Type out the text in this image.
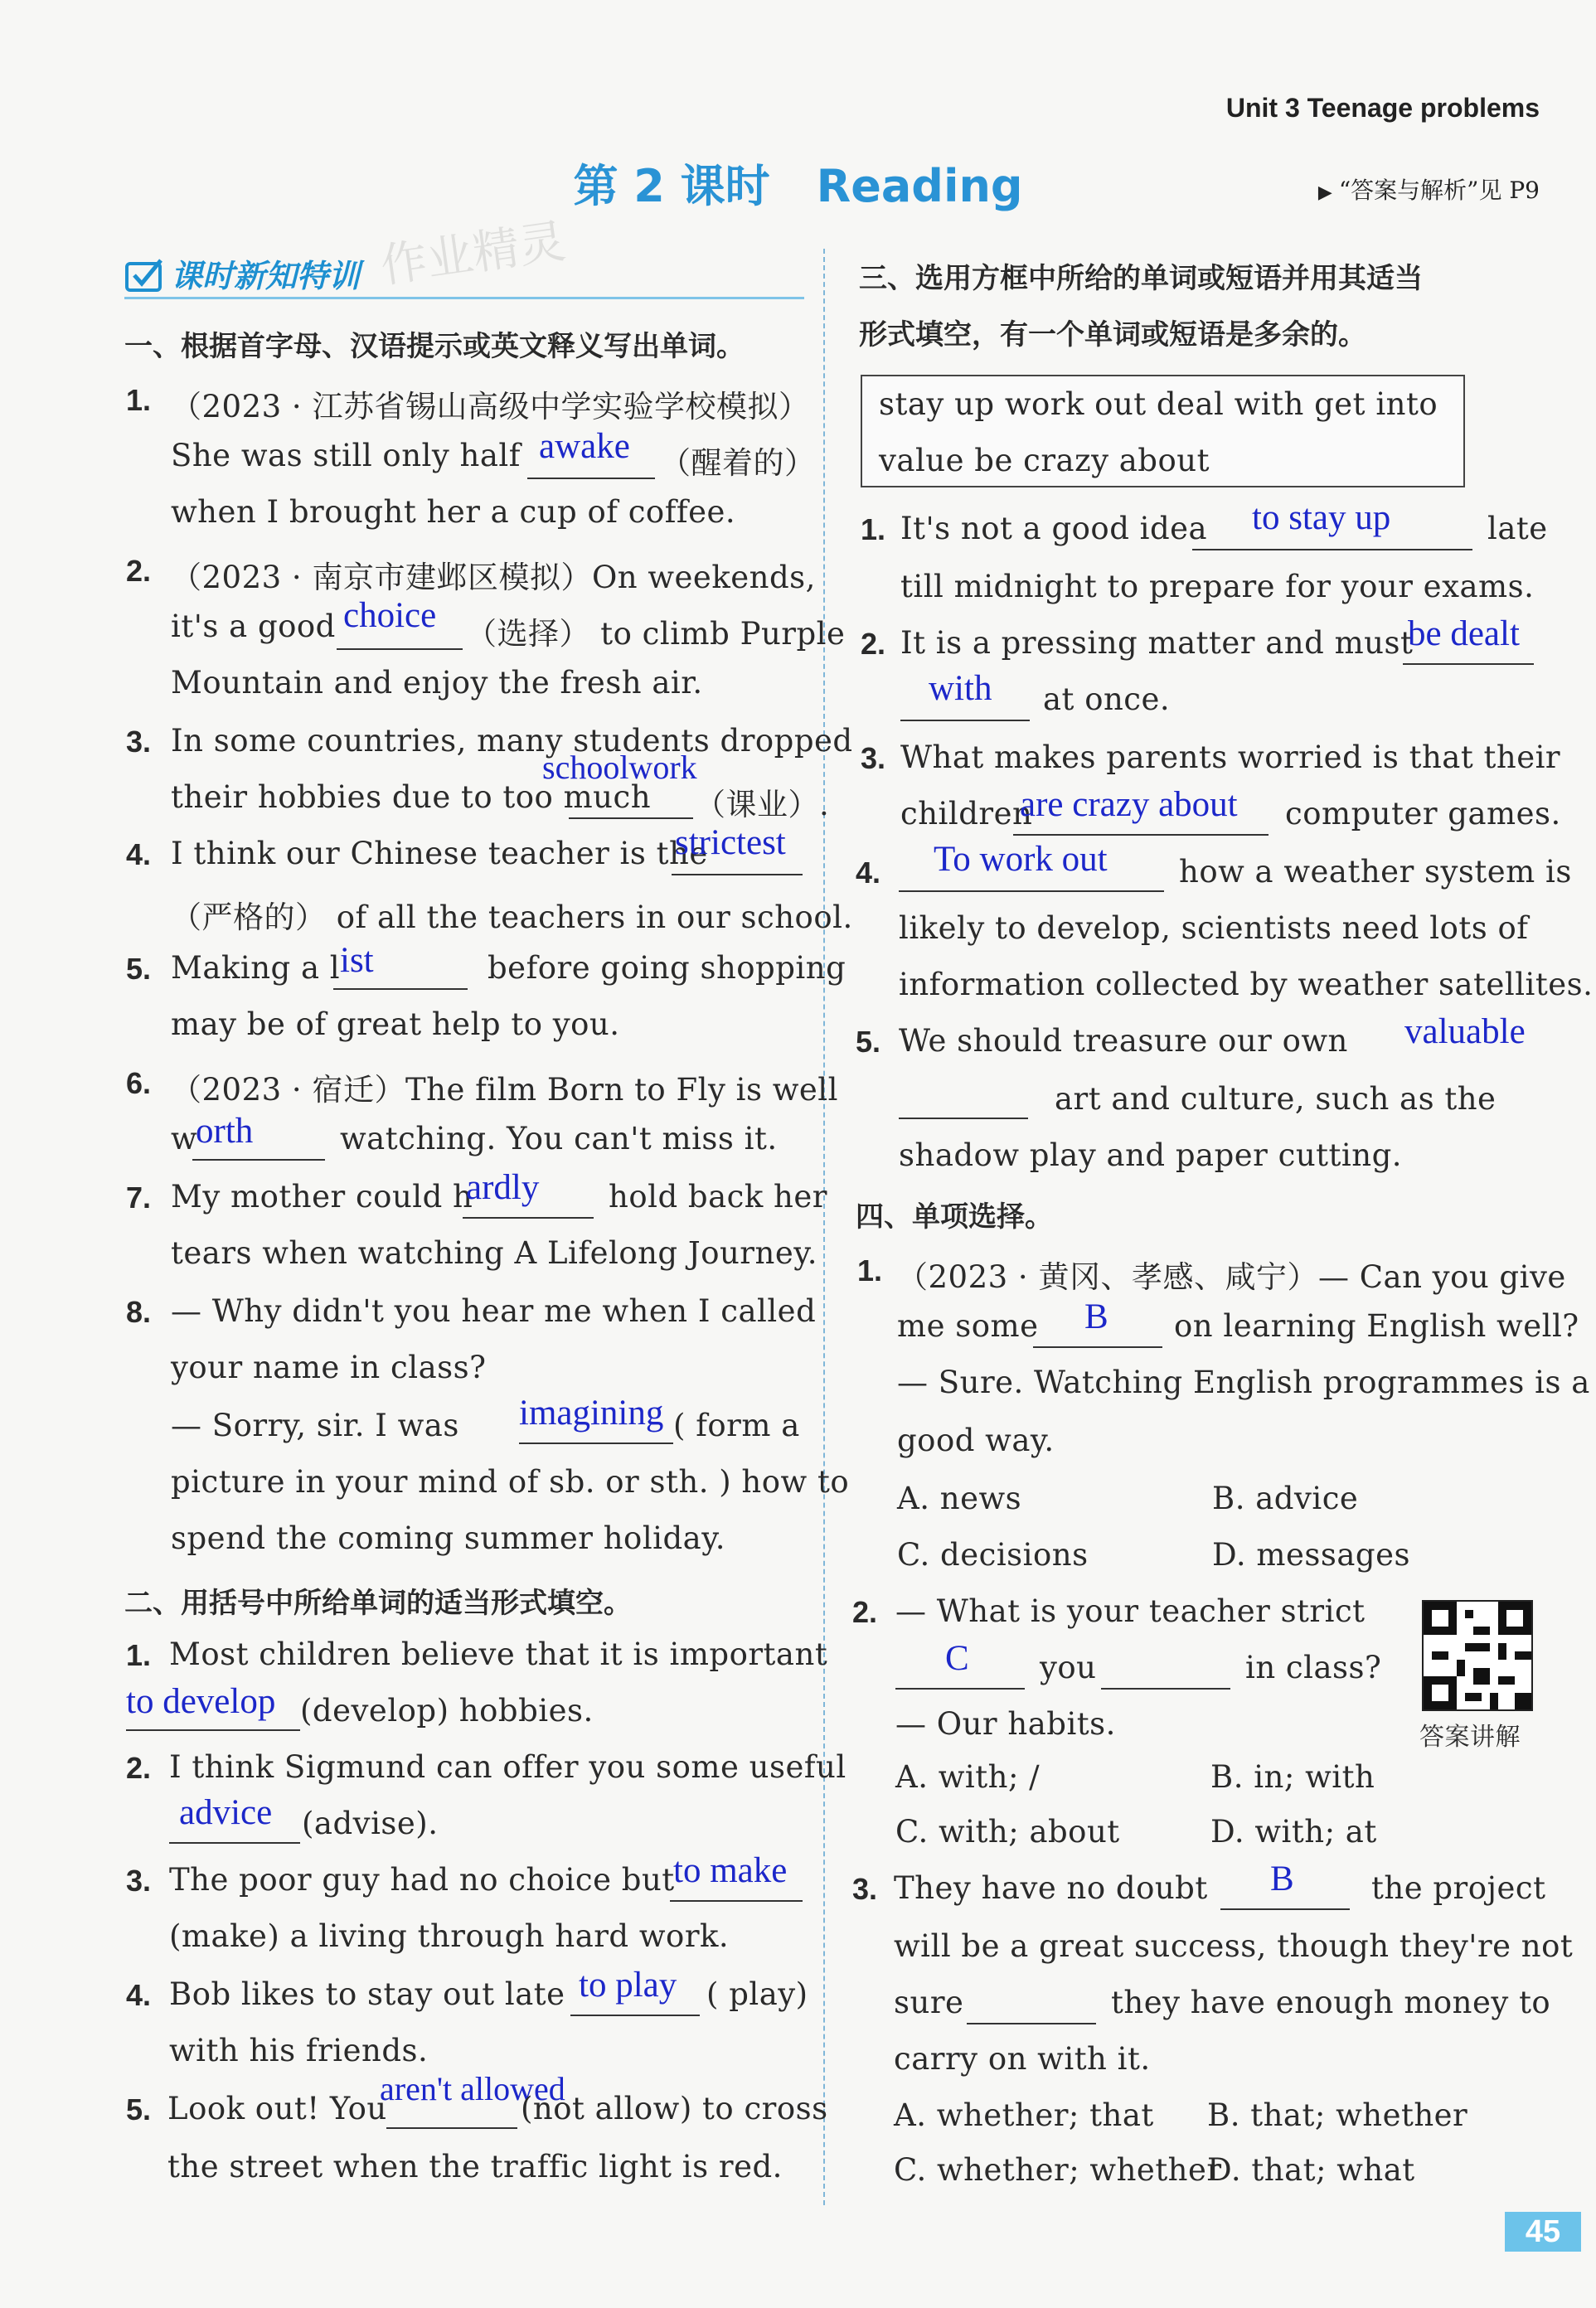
Unit 3 Teenage problems
第 2 课时 Reading	▶ “答案与解析”见 P9
课时新知特训 作业精灵
一、根据首字母、汉语提示或英文释义写出单词。
1. （2023 · 江苏省锡山高级中学实验学校模拟）
She was still only half awake （醒着的）
when I brought her a cup of coffee.
2. （2023 · 南京市建邺区模拟）On weekends,
it's a good choice （选择） to climb Purple
Mountain and enjoy the fresh air.
3. In some countries, many students dropped
their hobbies due to too much
schoolwork
（课业）.
4. I think our Chinese teacher is the
strictest
（严格的） of all the teachers in our school.
5. Making a l ist	before going shopping
may be of great help to you.
6. （2023 · 宿迁）The film Born to Fly is well
w
orth	watching. You can't miss it.
7. My mother could h
ardly hold back her
tears when watching A Lifelong Journey.
8. — Why didn't you hear me when I called
your name in class?
— Sorry, sir. I was imagining ( form a
picture in your mind of sb. or sth. ) how to
spend the coming summer holiday.
二、用括号中所给单词的适当形式填空。
1. Most children believe that it is important
to develop (develop) hobbies.
2. I think Sigmund can offer you some useful
advice (advise).
3. The poor guy had no choice but
to make
(make) a living through hard work.
4. Bob likes to stay out late to play ( play)
with his friends.
5. Look out! You
aren't allowed
(not allow) to cross
the street when the traffic light is red.
三、选用方框中所给的单词或短语并用其适当
形式填空，有一个单词或短语是多余的。
stay up work out deal with get into
value be crazy about
1. It's not a good idea to stay up	late
till midnight to prepare for your exams.
2. It is a pressing matter and must
be dealt
with at once.
3. What makes parents worried is that their
children
are crazy about computer games.
4. To work out how a weather system is
likely to develop, scientists need lots of
information collected by weather satellites.
5. We should treasure our own valuable
art and culture, such as the
shadow play and paper cutting.
四、单项选择。
1. （2023 · 黄冈、孝感、咸宁）— Can you give
me some B on learning English well?
— Sure. Watching English programmes is a
good way.
A. news	B. advice
C. decisions	D. messages
2. — What is your teacher strict
C you	in class?
— Our habits.
A. with; /	B. in; with
C. with; about	D. with; at
答案讲解
3. They have no doubt B	the project
will be a great success, though they're not
sure	they have enough money to
carry on with it.
A. whether; that B. that; whether
C. whether; whether
D. that; what
45
